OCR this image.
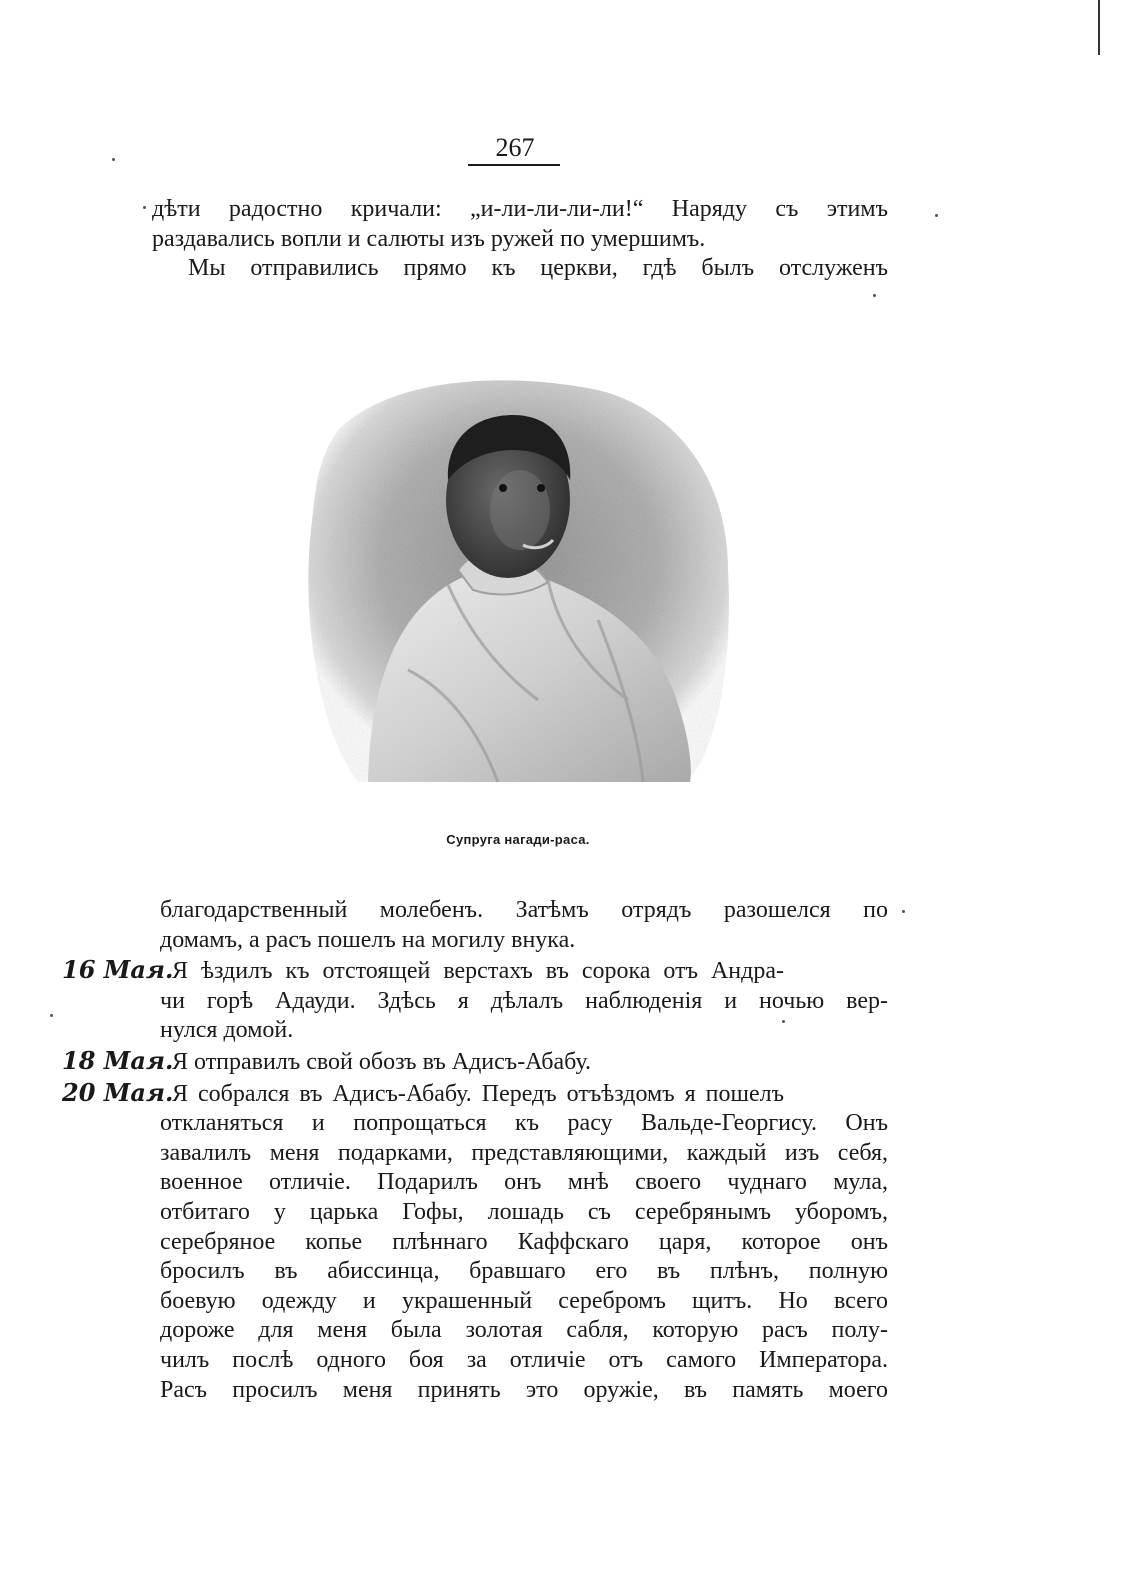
267
дѣти радостно кричали: „и-ли-ли-ли-ли!“ Наряду съ этимъ
раздавались вопли и салюты изъ ружей по умершимъ.
Мы отправились прямо къ церкви, гдѣ былъ отслуженъ
Супруга нагади-раса.
благодарственный молебенъ. Затѣмъ отрядъ разошелся по
домамъ, а расъ пошелъ на могилу внука.
16 Мая.Я ѣздилъ къ отстоящей верстахъ въ сорока отъ Андра-
чи горѣ Адауди. Здѣсь я дѣлалъ наблюденія и ночью вер-
нулся домой.
18 Мая.Я отправилъ свой обозъ въ Адисъ-Абабу.
20 Мая.Я собрался въ Адисъ-Абабу. Передъ отъѣздомъ я пошелъ
откланяться и попрощаться къ расу Вальде-Георгису. Онъ
завалилъ меня подарками, представляющими, каждый изъ себя,
военное отличіе. Подарилъ онъ мнѣ своего чуднаго мула,
отбитаго у царька Гофы, лошадь съ серебрянымъ уборомъ,
серебряное копье плѣннаго Каффскаго царя, которое онъ
бросилъ въ абиссинца, бравшаго его въ плѣнъ, полную
боевую одежду и украшенный серебромъ щитъ. Но всего
дороже для меня была золотая сабля, которую расъ полу-
чилъ послѣ одного боя за отличіе отъ самого Императора.
Расъ просилъ меня принять это оружіе, въ память моего
